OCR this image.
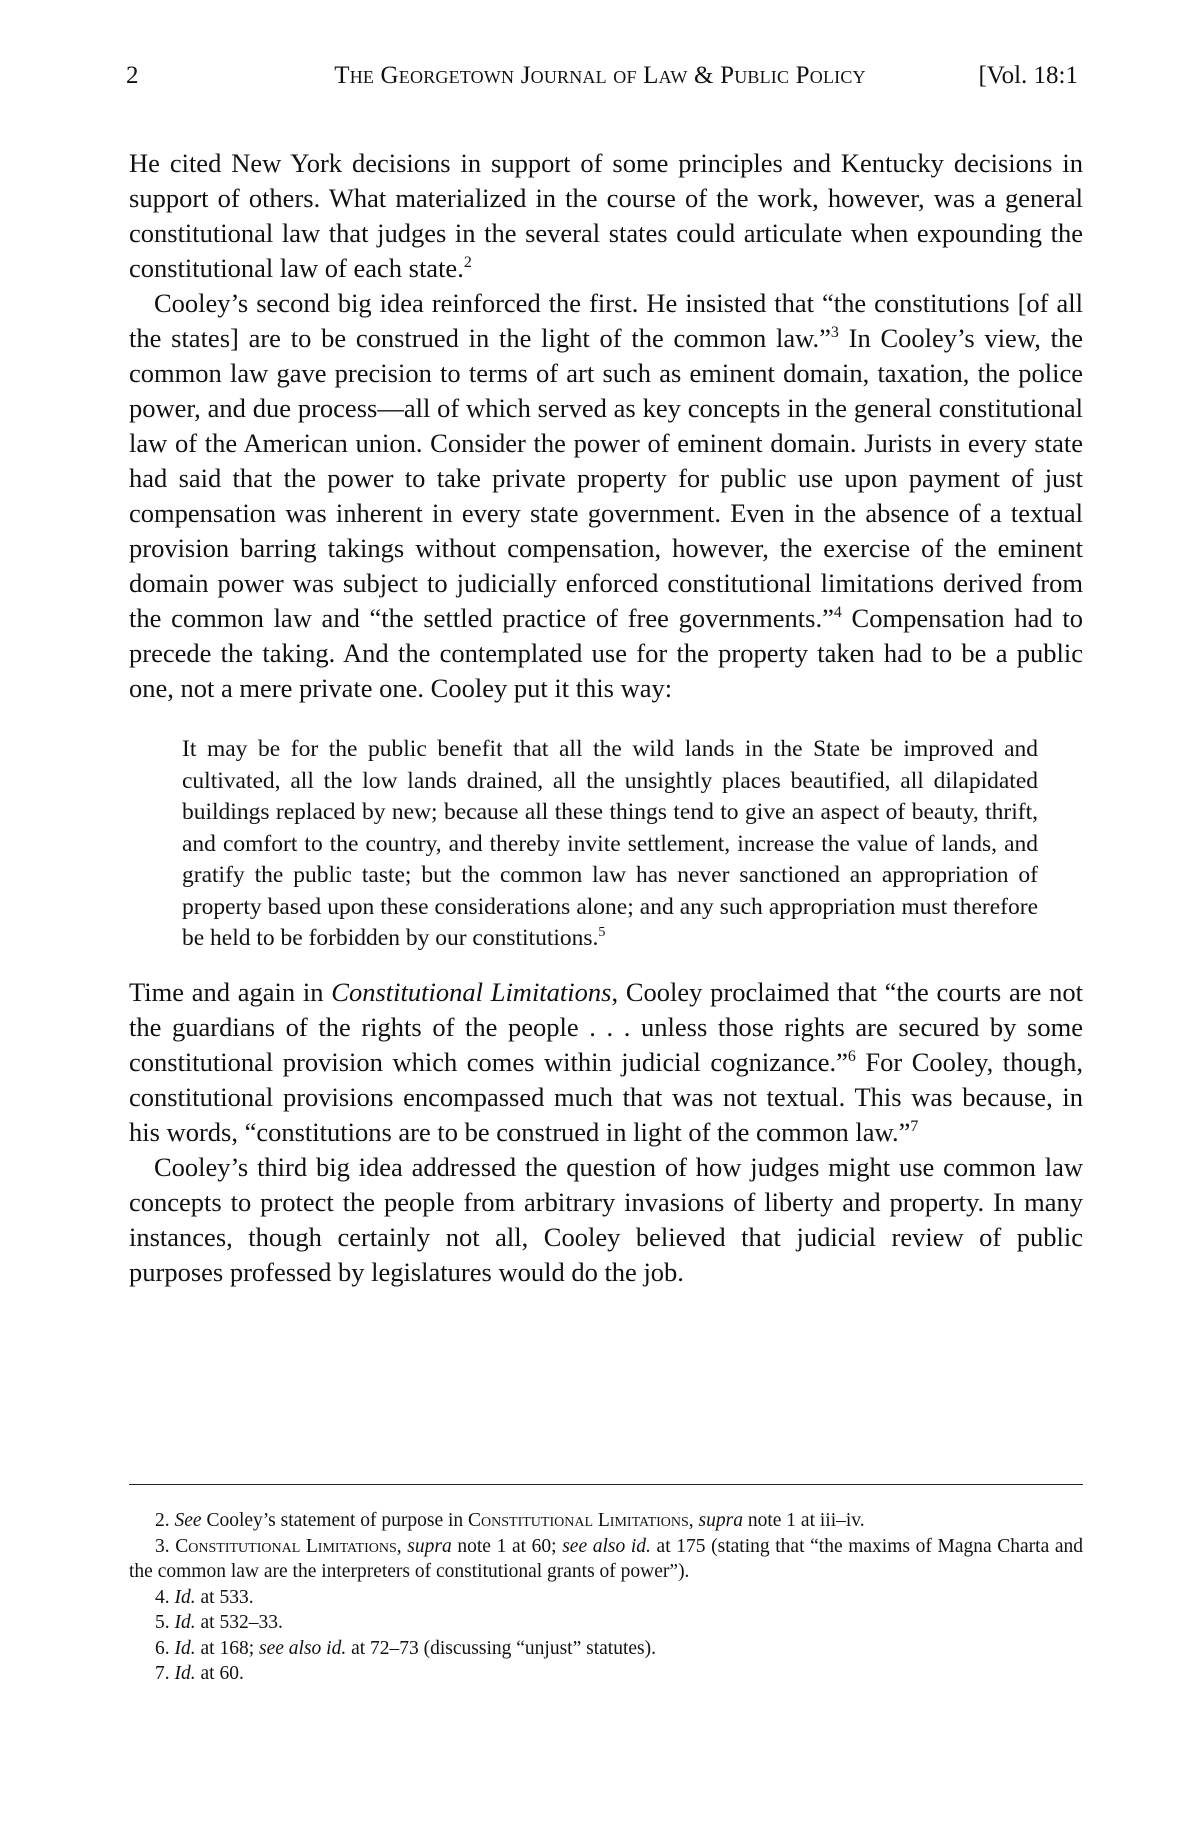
2	The Georgetown Journal of Law & Public Policy	[Vol. 18:1

He cited New York decisions in support of some principles and Kentucky decisions in support of others. What materialized in the course of the work, however, was a general constitutional law that judges in the several states could articulate when expounding the constitutional law of each state.$^2$

Cooley’s second big idea reinforced the first. He insisted that “the constitutions [of all the states] are to be construed in the light of the common law.”$^3$ In Cooley’s view, the common law gave precision to terms of art such as eminent domain, taxation, the police power, and due process—all of which served as key concepts in the general constitutional law of the American union. Consider the power of eminent domain. Jurists in every state had said that the power to take private property for public use upon payment of just compensation was inherent in every state government. Even in the absence of a textual provision barring takings without compensation, however, the exercise of the eminent domain power was subject to judicially enforced constitutional limitations derived from the common law and “the settled practice of free governments.”$^4$ Compensation had to precede the taking. And the contemplated use for the property taken had to be a public one, not a mere private one. Cooley put it this way:

It may be for the public benefit that all the wild lands in the State be improved and cultivated, all the low lands drained, all the unsightly places beautified, all dilapidated buildings replaced by new; because all these things tend to give an aspect of beauty, thrift, and comfort to the country, and thereby invite settlement, increase the value of lands, and gratify the public taste; but the common law has never sanctioned an appropriation of property based upon these considerations alone; and any such appropriation must therefore be held to be forbidden by our constitutions.$^5$

Time and again in Constitutional Limitations, Cooley proclaimed that “the courts are not the guardians of the rights of the people . . . unless those rights are secured by some constitutional provision which comes within judicial cognizance.”$^6$ For Cooley, though, constitutional provisions encompassed much that was not textual. This was because, in his words, “constitutions are to be construed in light of the common law.”$^7$

Cooley’s third big idea addressed the question of how judges might use common law concepts to protect the people from arbitrary invasions of liberty and property. In many instances, though certainly not all, Cooley believed that judicial review of public purposes professed by legislatures would do the job.

2. See Cooley’s statement of purpose in Constitutional Limitations, supra note 1 at iii–iv.

3. Constitutional Limitations, supra note 1 at 60; see also id. at 175 (stating that “the maxims of Magna Charta and the common law are the interpreters of constitutional grants of power”).

4. Id. at 533.

5. Id. at 532–33.

6. Id. at 168; see also id. at 72–73 (discussing “unjust” statutes).

7. Id. at 60.
